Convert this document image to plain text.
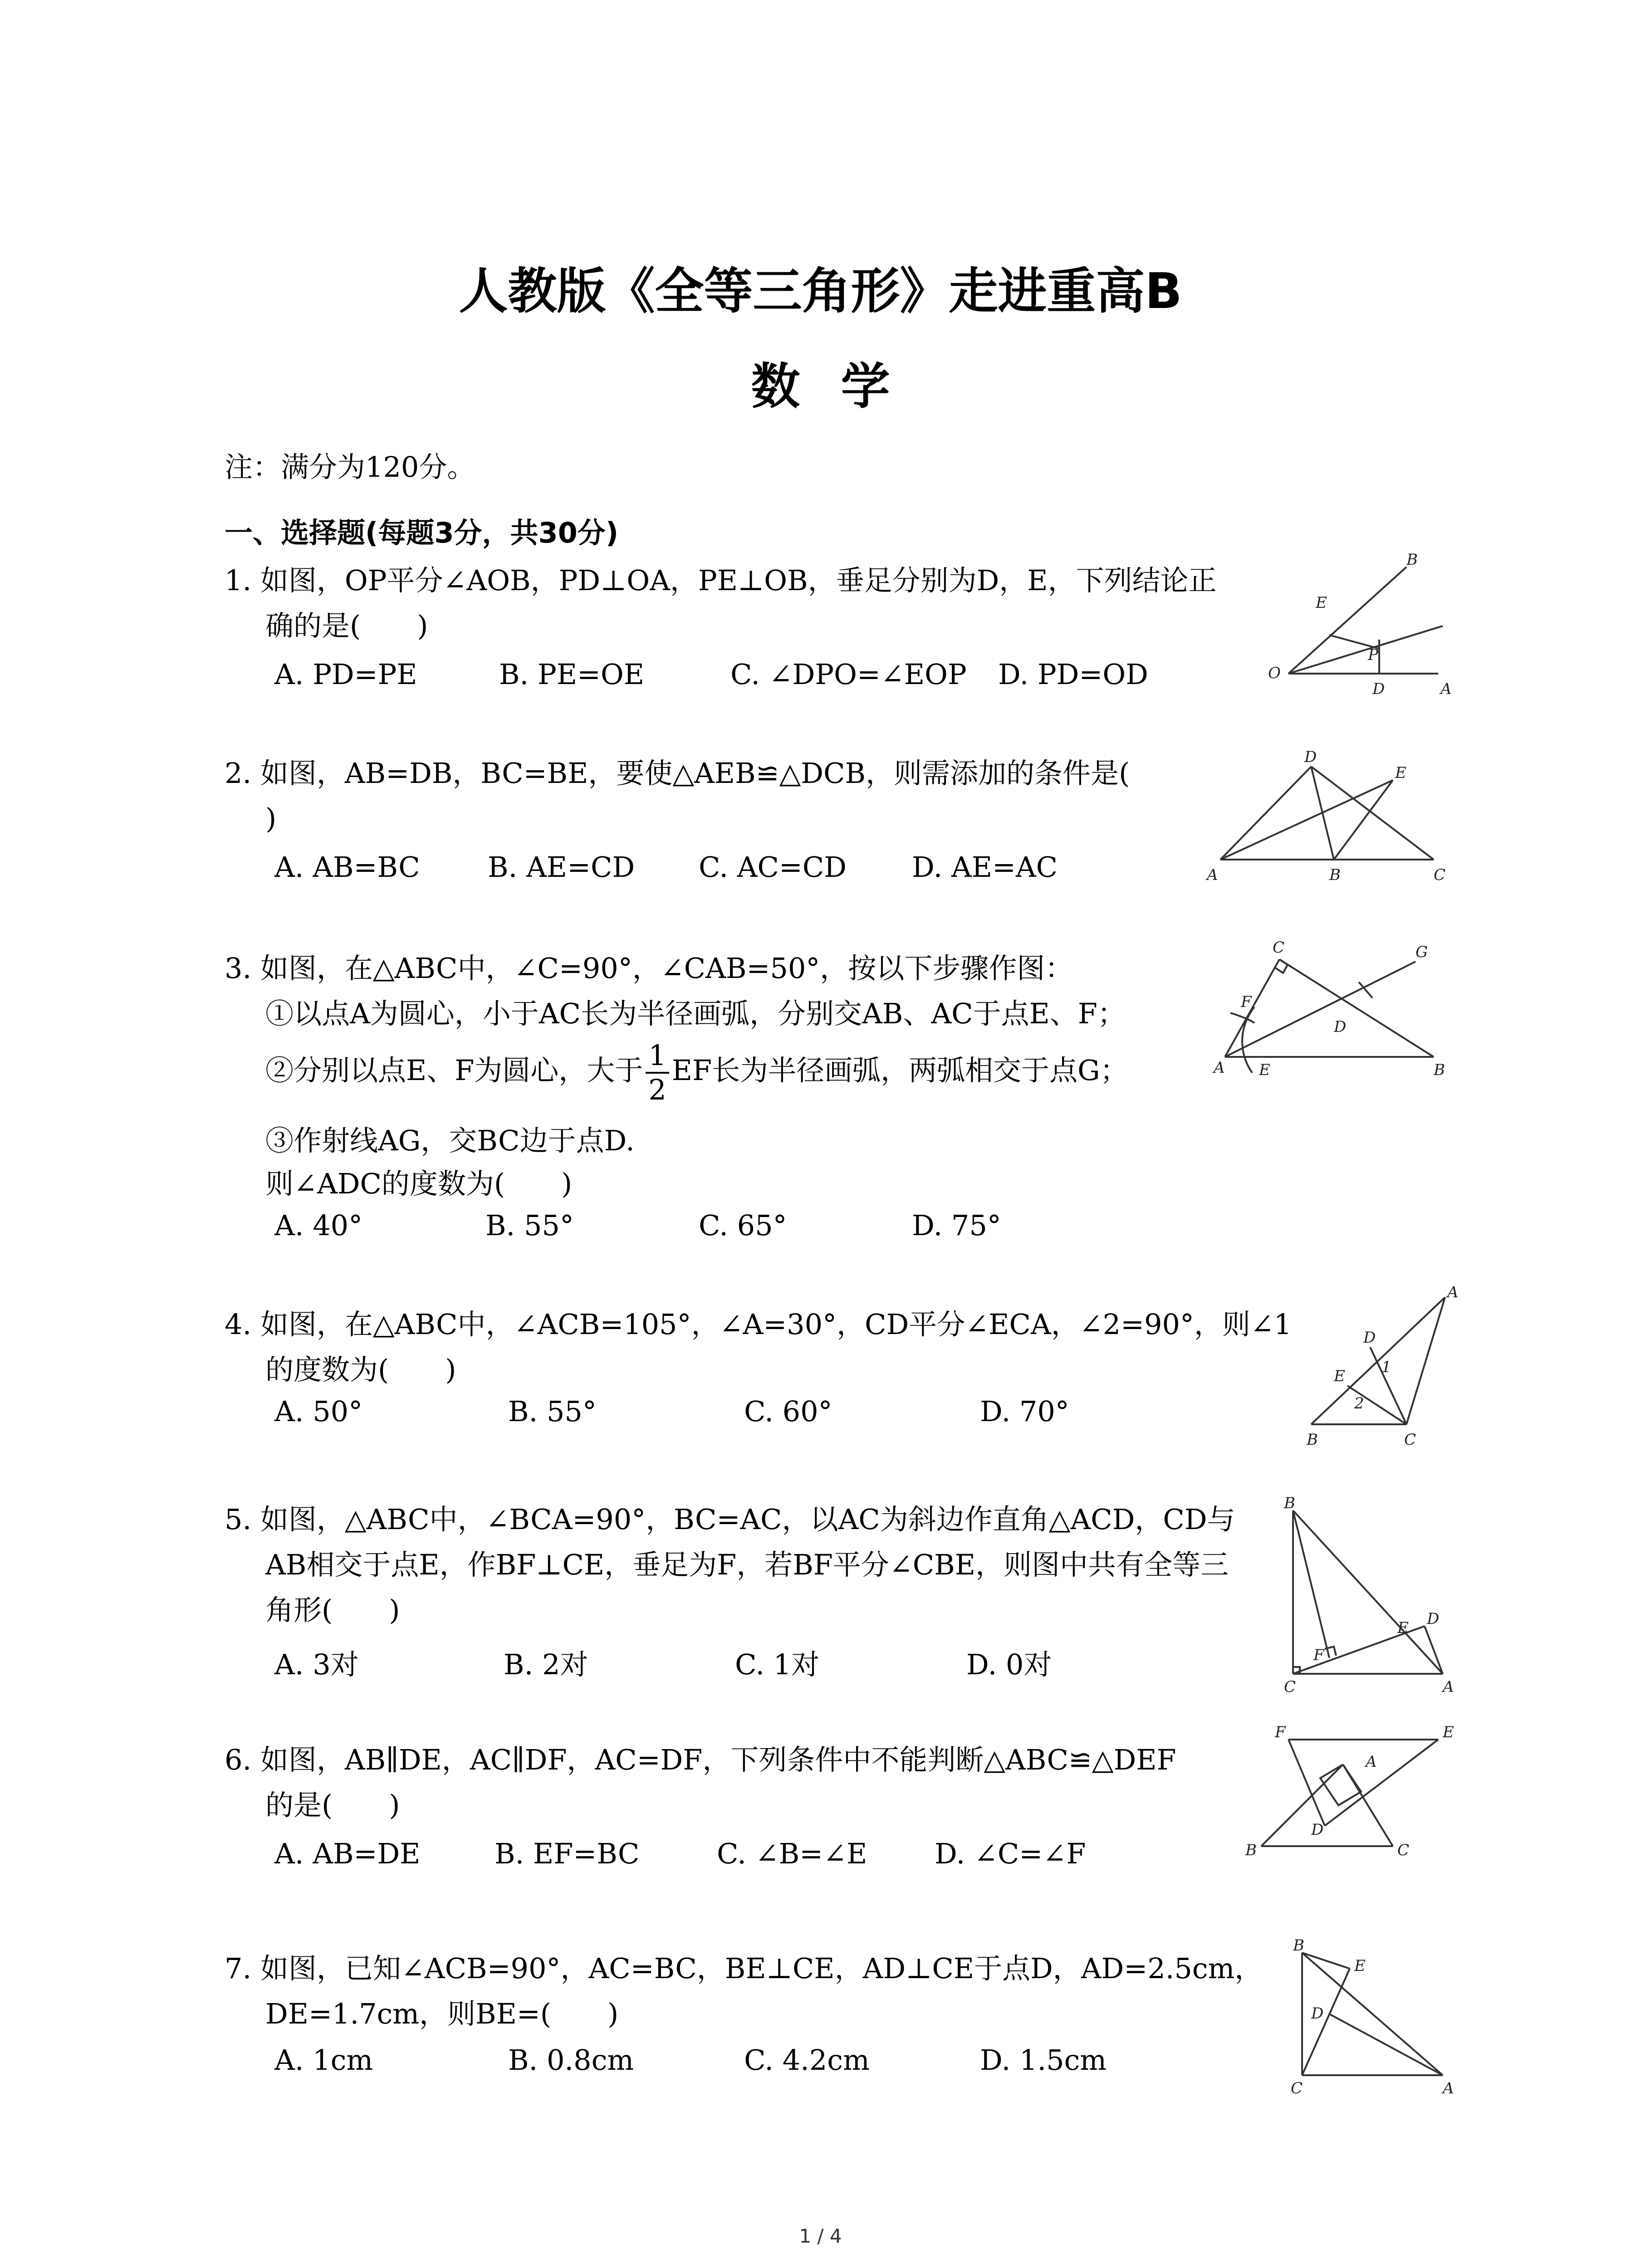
人教版《全等三角形》走进重高B
数学
注：满分为120分。
一、选择题(每题3分，共30分)
1. 如图，OP平分∠AOB，PD⊥OA，PE⊥OB，垂足分别为D，E，下列结论正
确的是(　　)
A. PD=PE	B. PE=OE	C. ∠DPO=∠EOP D. PD=OD
B
E
P
O
D	A
2. 如图，AB=DB，BC=BE，要使△AEB≌△DCB，则需添加的条件是(
)
A. AB=BC B. AE=CD C. AC=CD D. AE=AC
D
E
A	B	C
3. 如图，在△ABC中，∠C=90°，∠CAB=50°，按以下步骤作图：
①以点A为圆心，小于AC长为半径画弧，分别交AB、AC于点E、F；
②分别以点E、F为圆心，大于 $\frac{1}{2}$ EF长为半径画弧，两弧相交于点G；
③作射线AG，交BC边于点D.
则∠ADC的度数为(　　)
A. 40°	B. 55°	C. 65°	D. 75°
C	G
F
D
A E	B
4. 如图，在△ABC中，∠ACB=105°，∠A=30°，CD平分∠ECA，∠2=90°，则∠1
的度数为(　　)
A. 50°	B. 55°	C. 60°	D. 70°
A
D
1
E
2
B	C
5. 如图，△ABC中，∠BCA=90°，BC=AC，以AC为斜边作直角△ACD，CD与
AB相交于点E，作BF⊥CE，垂足为F，若BF平分∠CBE，则图中共有全等三
角形(　　)
A. 3对	B. 2对	C. 1对	D. 0对
B
D
E
F
C	A
6. 如图，AB∥DE，AC∥DF，AC=DF，下列条件中不能判断△ABC≌△DEF
的是(　　)
A. AB=DE	B. EF=BC	C. ∠B=∠E D. ∠C=∠F
F	E
A
D
B	C
7. 如图，已知∠ACB=90°，AC=BC，BE⊥CE，AD⊥CE于点D，AD=2.5cm，
DE=1.7cm，则BE=(　　)
A. 1cm	B. 0.8cm	C. 4.2cm	D. 1.5cm
B
E
D
C	A
1 / 4
